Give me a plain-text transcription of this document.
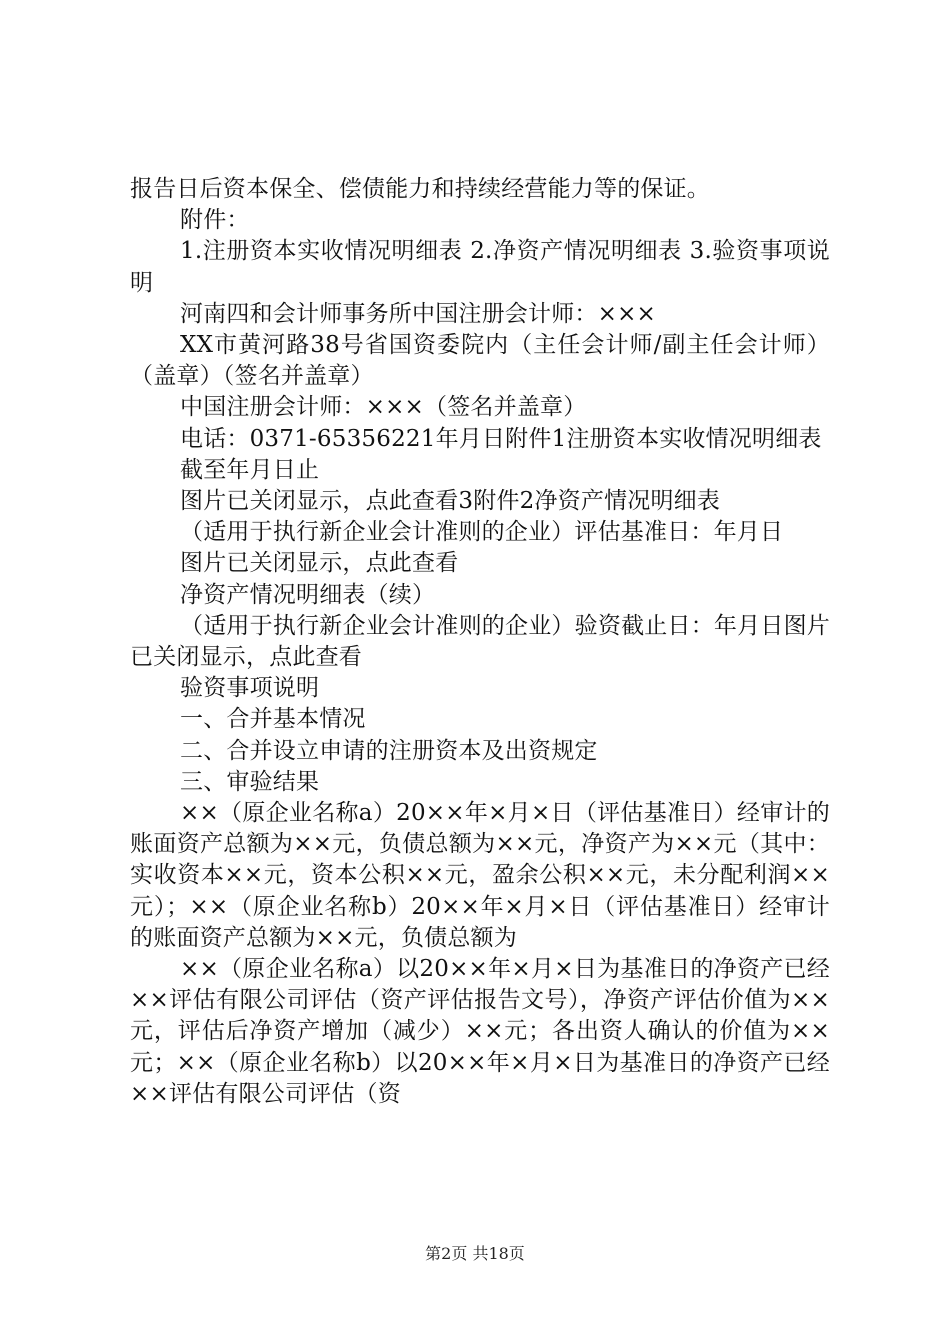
报告日后资本保全、偿债能力和持续经营能力等的保证。

附件：

1.注册资本实收情况明细表 2.净资产情况明细表 3.验资事项说明

河南四和会计师事务所中国注册会计师：×××

XX市黄河路38号省国资委院内（主任会计师/副主任会计师）（盖章）（签名并盖章）

中国注册会计师：×××（签名并盖章）

电话：0371-65356221年月日附件1注册资本实收情况明细表

截至年月日止

图片已关闭显示，点此查看3附件2净资产情况明细表

（适用于执行新企业会计准则的企业）评估基准日：年月日

图片已关闭显示，点此查看

净资产情况明细表（续）

（适用于执行新企业会计准则的企业）验资截止日：年月日图片已关闭显示，点此查看

验资事项说明

一、合并基本情况

二、合并设立申请的注册资本及出资规定

三、审验结果

××（原企业名称a）20××年×月×日（评估基准日）经审计的账面资产总额为××元，负债总额为××元，净资产为××元（其中：实收资本××元，资本公积××元，盈余公积××元，未分配利润××元）；××（原企业名称b）20××年×月×日（评估基准日）经审计的账面资产总额为××元，负债总额为

××（原企业名称a）以20××年×月×日为基准日的净资产已经××评估有限公司评估（资产评估报告文号），净资产评估价值为××元，评估后净资产增加（减少）××元；各出资人确认的价值为××元；××（原企业名称b）以20××年×月×日为基准日的净资产已经××评估有限公司评估（资

第2页 共18页
